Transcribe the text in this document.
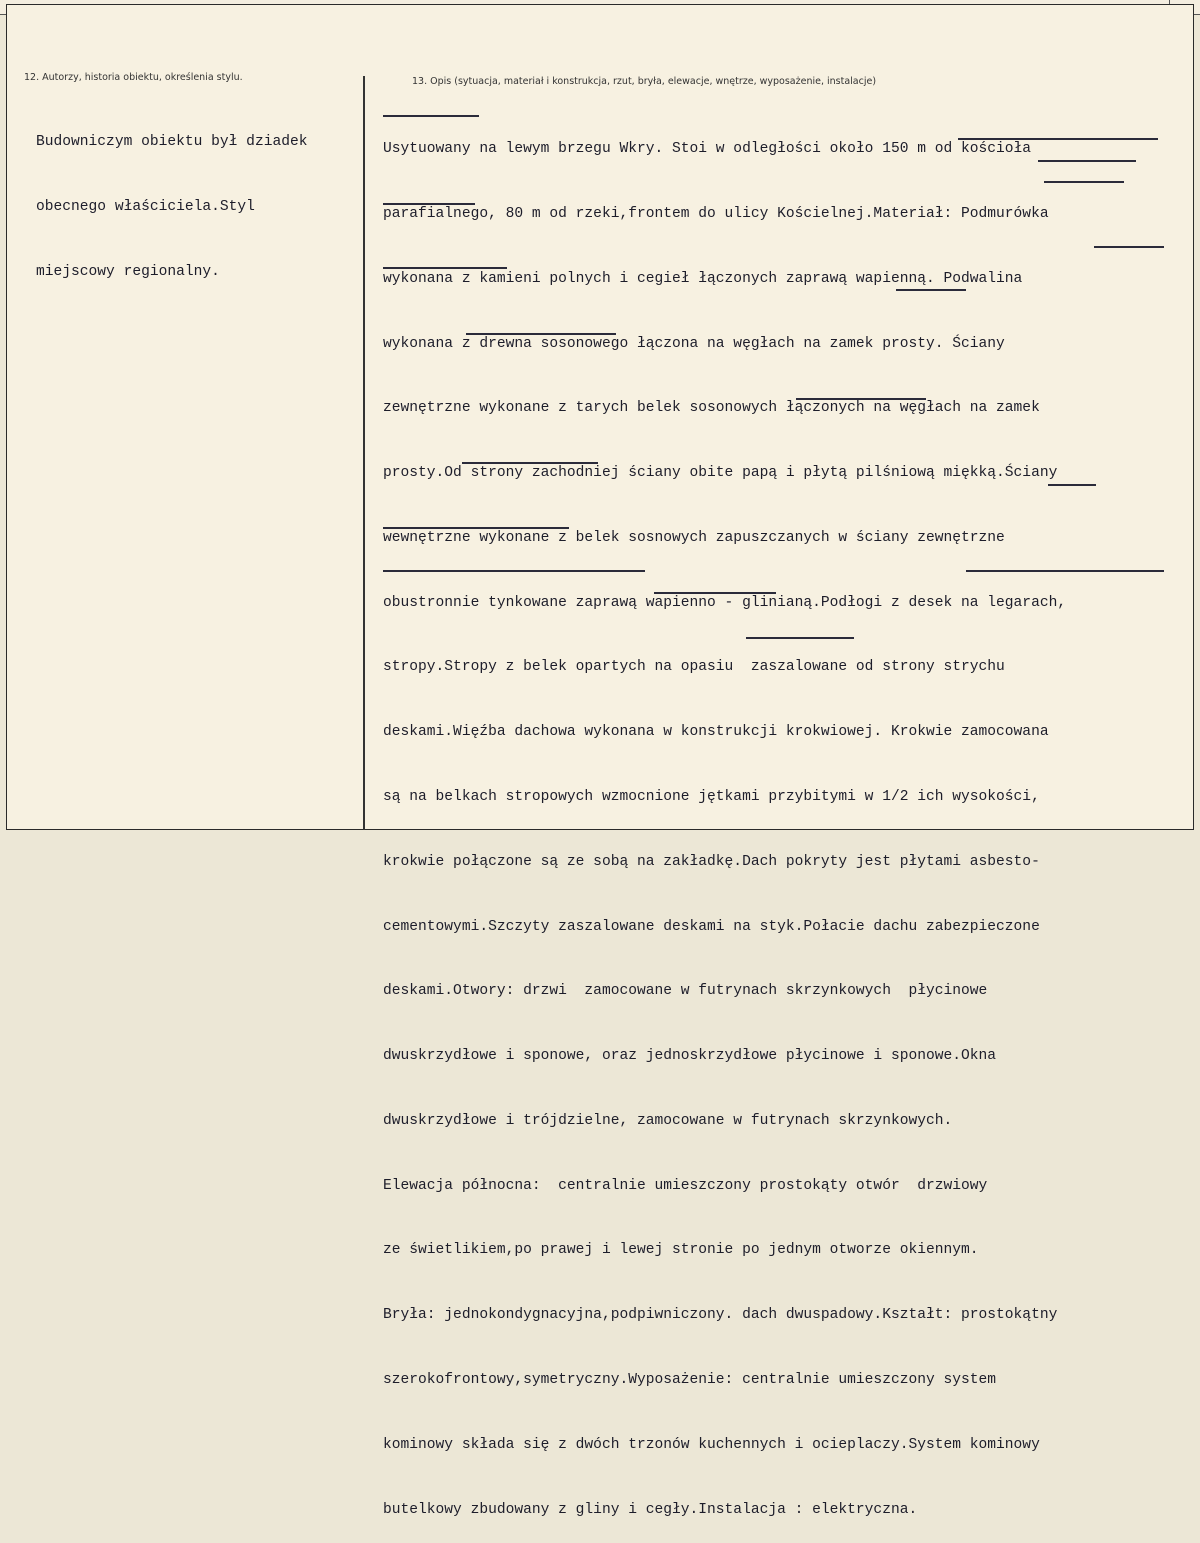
12. Autorzy, historia obiektu, określenia stylu.	13. Opis (sytuacja, materiał i konstrukcja, rzut, bryła, elewacje, wnętrze, wyposażenie, instalacje)

Budowniczym obiektu był dziadek

obecnego właściciela.Styl

miejscowy regionalny.

Usytuowany na lewym brzegu Wkry. Stoi w odległości około 150 m od kościoła

parafialnego, 80 m od rzeki,frontem do ulicy Kościelnej.Materiał: Podmurówka

wykonana z kamieni polnych i cegieł łączonych zaprawą wapienną. Podwalina

wykonana z drewna sosonowego łączona na węgłach na zamek prosty. Ściany

zewnętrzne wykonane z tarych belek sosonowych łączonych na węgłach na zamek

prosty.Od strony zachodniej ściany obite papą i płytą pilśniową miękką.Ściany

wewnętrzne wykonane z belek sosnowych zapuszczanych w ściany zewnętrzne

obustronnie tynkowane zaprawą wapienno - glinianą.Podłogi z desek na legarach,

stropy.Stropy z belek opartych na opasiu  zaszalowane od strony strychu

deskami.Więźba dachowa wykonana w konstrukcji krokwiowej. Krokwie zamocowana

są na belkach stropowych wzmocnione jętkami przybitymi w 1/2 ich wysokości,

krokwie połączone są ze sobą na zakładkę.Dach pokryty jest płytami asbesto-

cementowymi.Szczyty zaszalowane deskami na styk.Połacie dachu zabezpieczone

deskami.Otwory: drzwi  zamocowane w futrynach skrzynkowych  płycinowe

dwuskrzydłowe i sponowe, oraz jednoskrzydłowe płycinowe i sponowe.Okna

dwuskrzydłowe i trójdzielne, zamocowane w futrynach skrzynkowych.

Elewacja północna:  centralnie umieszczony prostokąty otwór  drzwiowy

ze świetlikiem,po prawej i lewej stronie po jednym otworze okiennym.

Bryła: jednokondygnacyjna,podpiwniczony. dach dwuspadowy.Kształt: prostokątny

szerokofrontowy,symetryczny.Wyposażenie: centralnie umieszczony system

kominowy składa się z dwóch trzonów kuchennych i ocieplaczy.System kominowy

butelkowy zbudowany z gliny i cegły.Instalacja : elektryczna.
